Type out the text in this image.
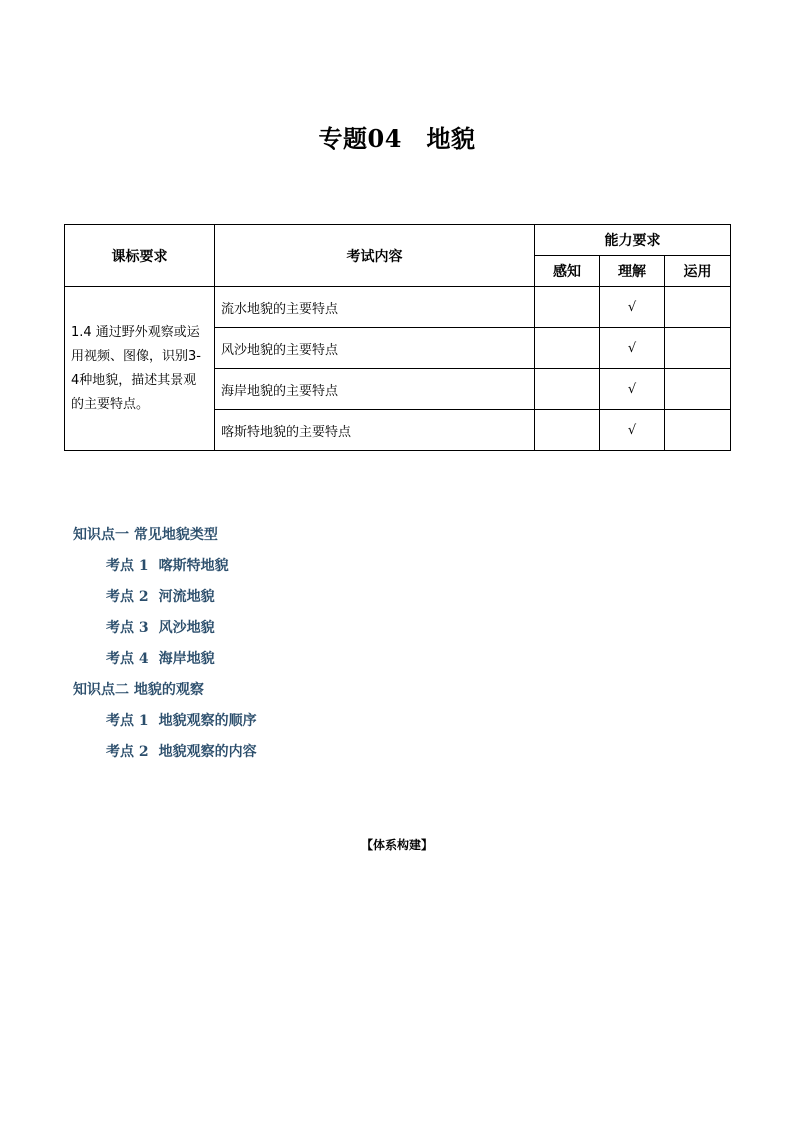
专题04　地貌
课标要求	考试内容	能力要求		
		感知	理解	运用
1.4 通过野外观察或运用视频、图像，识别3-4种地貌，描述其景观的主要特点。	流水地貌的主要特点		√	
	风沙地貌的主要特点		√	
	海岸地貌的主要特点		√	
	喀斯特地貌的主要特点		√	
知识点一 常见地貌类型
考点 1 喀斯特地貌
考点 2 河流地貌
考点 3 风沙地貌
考点 4 海岸地貌
知识点二 地貌的观察
考点 1 地貌观察的顺序
考点 2 地貌观察的内容

【体系构建】
